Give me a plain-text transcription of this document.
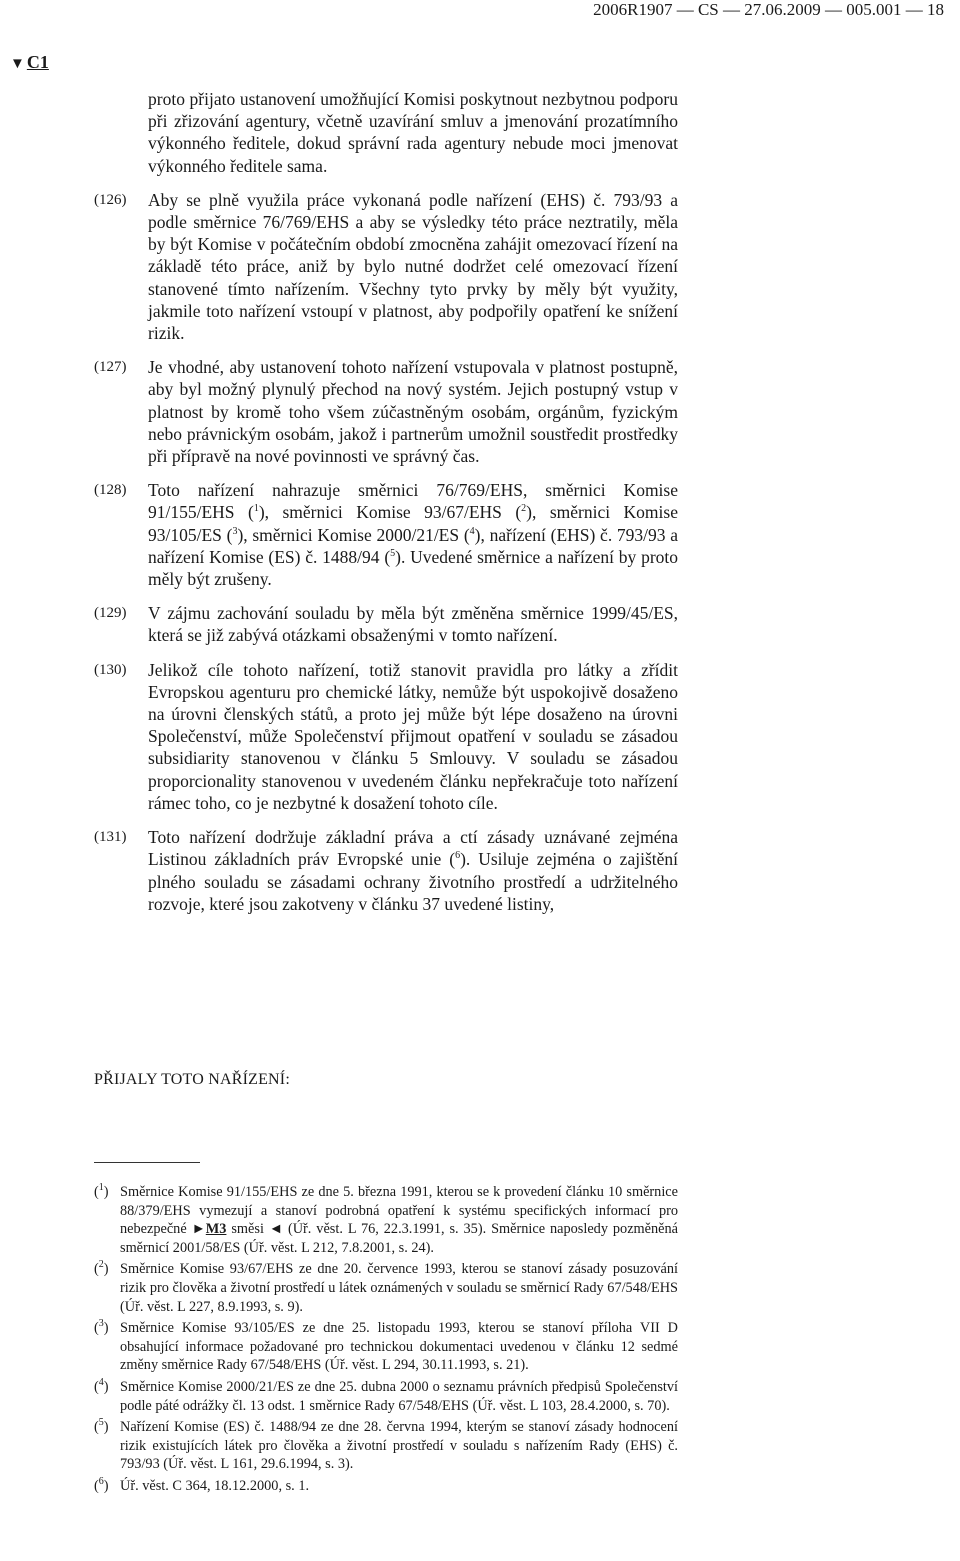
2006R1907 — CS — 27.06.2009 — 005.001 — 18
▼ C1
proto přijato ustanovení umožňující Komisi poskytnout nezbytnou podporu při zřizování agentury, včetně uzavírání smluv a jmenování prozatímního výkonného ředitele, dokud správní rada agentury nebude moci jmenovat výkonného ředitele sama.
(126) Aby se plně využila práce vykonaná podle nařízení (EHS) č. 793/93 a podle směrnice 76/769/EHS a aby se výsledky této práce neztratily, měla by být Komise v počátečním období zmocněna zahájit omezovací řízení na základě této práce, aniž by bylo nutné dodržet celé omezovací řízení stanovené tímto nařízením. Všechny tyto prvky by měly být využity, jakmile toto nařízení vstoupí v platnost, aby podpořily opatření ke snížení rizik.
(127) Je vhodné, aby ustanovení tohoto nařízení vstupovala v platnost postupně, aby byl možný plynulý přechod na nový systém. Jejich postupný vstup v platnost by kromě toho všem zúčastněným osobám, orgánům, fyzickým nebo právnickým osobám, jakož i partnerům umožnil soustředit prostředky při přípravě na nové povinnosti ve správný čas.
(128) Toto nařízení nahrazuje směrnici 76/769/EHS, směrnici Komise 91/155/EHS ($^1$), směrnici Komise 93/67/EHS ($^2$), směrnici Komise 93/105/ES ($^3$), směrnici Komise 2000/21/ES ($^4$), nařízení (EHS) č. 793/93 a nařízení Komise (ES) č. 1488/94 ($^5$). Uvedené směrnice a nařízení by proto měly být zrušeny.
(129) V zájmu zachování souladu by měla být změněna směrnice 1999/45/ES, která se již zabývá otázkami obsaženými v tomto nařízení.
(130) Jelikož cíle tohoto nařízení, totiž stanovit pravidla pro látky a zřídit Evropskou agenturu pro chemické látky, nemůže být uspokojivě dosaženo na úrovni členských států, a proto jej může být lépe dosaženo na úrovni Společenství, může Společenství přijmout opatření v souladu se zásadou subsidiarity stanovenou v článku 5 Smlouvy. V souladu se zásadou proporcionality stanovenou v uvedeném článku nepřekračuje toto nařízení rámec toho, co je nezbytné k dosažení tohoto cíle.
(131) Toto nařízení dodržuje základní práva a ctí zásady uznávané zejména Listinou základních práv Evropské unie ($^6$). Usiluje zejména o zajištění plného souladu se zásadami ochrany životního prostředí a udržitelného rozvoje, které jsou zakotveny v článku 37 uvedené listiny,
PŘIJALY TOTO NAŘÍZENÍ:
($^1$) Směrnice Komise 91/155/EHS ze dne 5. března 1991, kterou se k provedení článku 10 směrnice 88/379/EHS vymezují a stanoví podrobná opatření k systému specifických informací pro nebezpečné ►M3 směsi ◄ (Úř. věst. L 76, 22.3.1991, s. 35). Směrnice naposledy pozměněná směrnicí 2001/58/ES (Úř. věst. L 212, 7.8.2001, s. 24).
($^2$) Směrnice Komise 93/67/EHS ze dne 20. července 1993, kterou se stanoví zásady posuzování rizik pro člověka a životní prostředí u látek oznámených v souladu se směrnicí Rady 67/548/EHS (Úř. věst. L 227, 8.9.1993, s. 9).
($^3$) Směrnice Komise 93/105/ES ze dne 25. listopadu 1993, kterou se stanoví příloha VII D obsahující informace požadované pro technickou dokumentaci uvedenou v článku 12 sedmé změny směrnice Rady 67/548/EHS (Úř. věst. L 294, 30.11.1993, s. 21).
($^4$) Směrnice Komise 2000/21/ES ze dne 25. dubna 2000 o seznamu právních předpisů Společenství podle páté odrážky čl. 13 odst. 1 směrnice Rady 67/548/EHS (Úř. věst. L 103, 28.4.2000, s. 70).
($^5$) Nařízení Komise (ES) č. 1488/94 ze dne 28. června 1994, kterým se stanoví zásady hodnocení rizik existujících látek pro člověka a životní prostředí v souladu s nařízením Rady (EHS) č. 793/93 (Úř. věst. L 161, 29.6.1994, s. 3).
($^6$) Úř. věst. C 364, 18.12.2000, s. 1.
